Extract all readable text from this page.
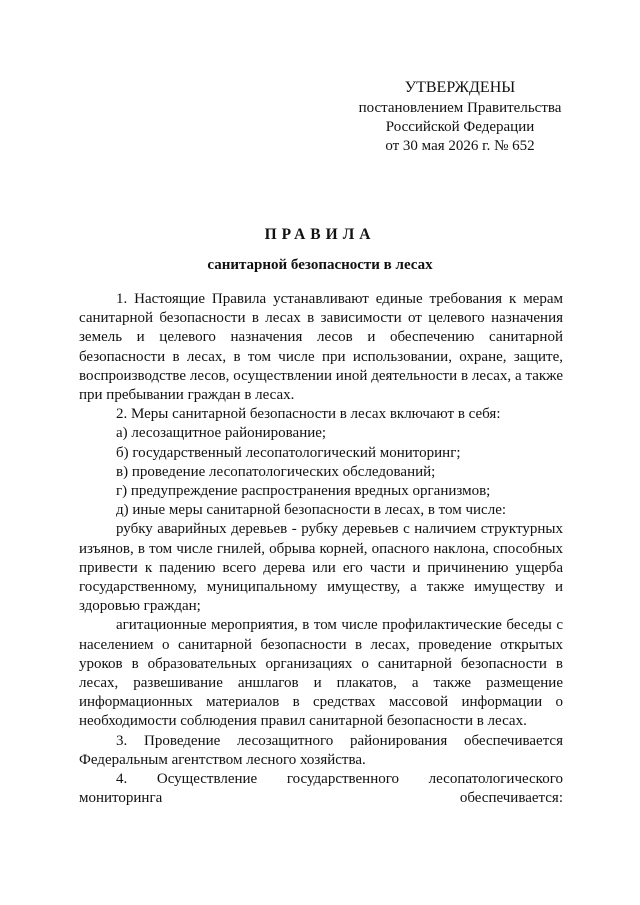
УТВЕРЖДЕНЫ
постановлением Правительства
Российской Федерации
от 30 мая 2026 г. № 652
ПРАВИЛА
санитарной безопасности в лесах

1. Настоящие Правила устанавливают единые требования к мерам санитарной безопасности в лесах в зависимости от целевого назначения земель и целевого назначения лесов и обеспечению санитарной безопасности в лесах, в том числе при использовании, охране, защите, воспроизводстве лесов, осуществлении иной деятельности в лесах, а также при пребывании граждан в лесах.

2. Меры санитарной безопасности в лесах включают в себя:

а) лесозащитное районирование;

б) государственный лесопатологический мониторинг;

в) проведение лесопатологических обследований;

г) предупреждение распространения вредных организмов;

д) иные меры санитарной безопасности в лесах, в том числе:

рубку аварийных деревьев - рубку деревьев с наличием структурных изъянов, в том числе гнилей, обрыва корней, опасного наклона, способных привести к падению всего дерева или его части и причинению ущерба государственному, муниципальному имуществу, а также имуществу и здоровью граждан;

агитационные мероприятия, в том числе профилактические беседы с населением о санитарной безопасности в лесах, проведение открытых уроков в образовательных организациях о санитарной безопасности в лесах, развешивание аншлагов и плакатов, а также размещение информационных материалов в средствах массовой информации о необходимости соблюдения правил санитарной безопасности в лесах.

3. Проведение лесозащитного районирования обеспечивается Федеральным агентством лесного хозяйства.

4. Осуществление государственного лесопатологического мониторинга обеспечивается:
